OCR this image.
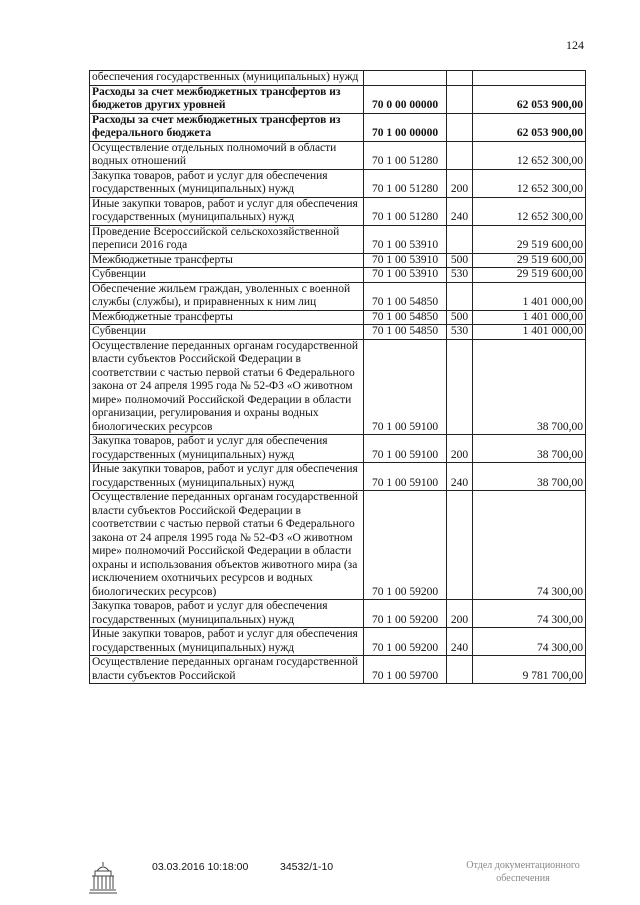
124
обеспечения государственных (муниципальных) нужд			
Расходы за счет межбюджетных трансфертов из бюджетов других уровней	70 0 00 00000		62 053 900,00
Расходы за счет межбюджетных трансфертов из федерального бюджета	70 1 00 00000		62 053 900,00
Осуществление отдельных полномочий в области водных отношений	70 1 00 51280		12 652 300,00
Закупка товаров, работ и услуг для обеспечения государственных (муниципальных) нужд	70 1 00 51280	200	12 652 300,00
Иные закупки товаров, работ и услуг для обеспечения государственных (муниципальных) нужд	70 1 00 51280	240	12 652 300,00
Проведение Всероссийской сельскохозяйственной переписи 2016 года	70 1 00 53910		29 519 600,00
Межбюджетные трансферты	70 1 00 53910	500	29 519 600,00
Субвенции	70 1 00 53910	530	29 519 600,00
Обеспечение жильем граждан, уволенных с военной службы (службы), и приравненных к ним лиц	70 1 00 54850		1 401 000,00
Межбюджетные трансферты	70 1 00 54850	500	1 401 000,00
Субвенции	70 1 00 54850	530	1 401 000,00
Осуществление переданных органам государственной власти субъектов Российской Федерации в соответствии с частью первой статьи 6 Федерального закона от 24 апреля 1995 года № 52-ФЗ «О животном мире» полномочий Российской Федерации в области организации, регулирования и охраны водных биологических ресурсов	70 1 00 59100		38 700,00
Закупка товаров, работ и услуг для обеспечения государственных (муниципальных) нужд	70 1 00 59100	200	38 700,00
Иные закупки товаров, работ и услуг для обеспечения государственных (муниципальных) нужд	70 1 00 59100	240	38 700,00
Осуществление переданных органам государственной власти субъектов Российской Федерации в соответствии с частью первой статьи 6 Федерального закона от 24 апреля 1995 года № 52-ФЗ «О животном мире» полномочий Российской Федерации в области охраны и использования объектов животного мира (за исключением охотничьих ресурсов и водных биологических ресурсов)	70 1 00 59200		74 300,00
Закупка товаров, работ и услуг для обеспечения государственных (муниципальных) нужд	70 1 00 59200	200	74 300,00
Иные закупки товаров, работ и услуг для обеспечения государственных (муниципальных) нужд	70 1 00 59200	240	74 300,00
Осуществление переданных органам государственной власти субъектов Российской	70 1 00 59700		9 781 700,00
03.03.2016 10:18:00	34532/1-10	Отдел документационного
обеспечения
